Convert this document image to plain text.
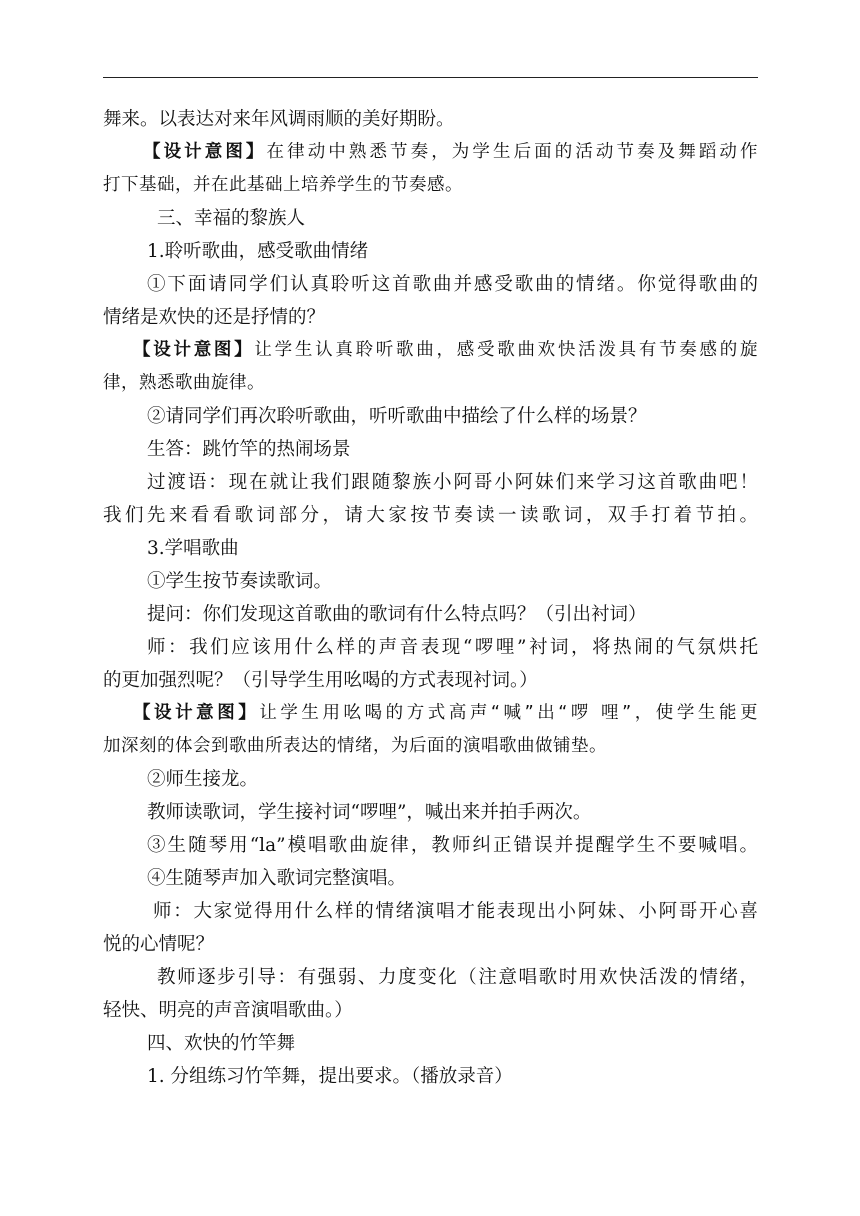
舞来。以表达对来年风调雨顺的美好期盼。

【设计意图】在律动中熟悉节奏，为学生后面的活动节奏及舞蹈动作

打下基础，并在此基础上培养学生的节奏感。

三、幸福的黎族人

1.聆听歌曲，感受歌曲情绪

①下面请同学们认真聆听这首歌曲并感受歌曲的情绪。你觉得歌曲的

情绪是欢快的还是抒情的？

【设计意图】让学生认真聆听歌曲，感受歌曲欢快活泼具有节奏感的旋

律，熟悉歌曲旋律。

②请同学们再次聆听歌曲，听听歌曲中描绘了什么样的场景？

生答：跳竹竿的热闹场景

过渡语：现在就让我们跟随黎族小阿哥小阿妹们来学习这首歌曲吧！

我们先来看看歌词部分，请大家按节奏读一读歌词，双手打着节拍。

3.学唱歌曲

①学生按节奏读歌词。

提问：你们发现这首歌曲的歌词有什么特点吗？（引出衬词）

师：我们应该用什么样的声音表现“啰哩”衬词，将热闹的气氛烘托

的更加强烈呢？（引导学生用吆喝的方式表现衬词。）

【设计意图】让学生用吆喝的方式高声“喊”出“啰 哩”，使学生能更

加深刻的体会到歌曲所表达的情绪，为后面的演唱歌曲做铺垫。

②师生接龙。

教师读歌词，学生接衬词“啰哩”，喊出来并拍手两次。

③生随琴用“la”模唱歌曲旋律，教师纠正错误并提醒学生不要喊唱。

④生随琴声加入歌词完整演唱。

师：大家觉得用什么样的情绪演唱才能表现出小阿妹、小阿哥开心喜

悦的心情呢？

教师逐步引导：有强弱、力度变化（注意唱歌时用欢快活泼的情绪，

轻快、明亮的声音演唱歌曲。）

四、欢快的竹竿舞

1. 分组练习竹竿舞，提出要求。（播放录音）
